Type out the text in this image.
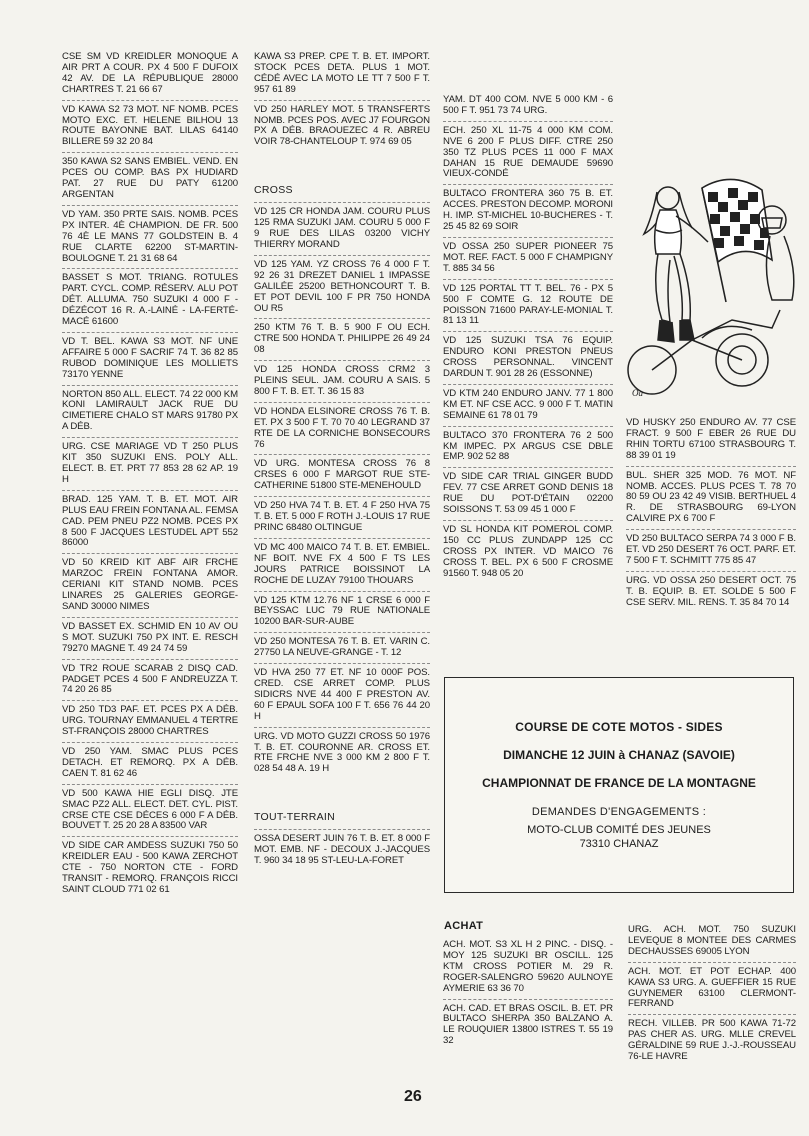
CSE SM VD KREIDLER MONOQUE A AIR PRT A COUR. PX 4 500 F DUFOIX 42 AV. DE LA RÉPUBLIQUE 28000 CHARTRES T. 21 66 67
VD KAWA S2 73 MOT. NF NOMB. PCES MOTO EXC. ET. HELENE BILHOU 13 ROUTE BAYONNE BAT. LILAS 64140 BILLERE 59 32 20 84
350 KAWA S2 SANS EMBIEL. VEND. EN PCES OU COMP. BAS PX HUDIARD PAT. 27 RUE DU PATY 61200 ARGENTAN
VD YAM. 350 PRTE SAIS. NOMB. PCES PX INTER. 4È CHAMPION. DE FR. 500 76 4È LE MANS 77 GOLDSTEIN B. 4 RUE CLARTE 62200 ST-MARTIN-BOULOGNE T. 21 31 68 64
BASSET S MOT. TRIANG. ROTULES PART. CYCL. COMP. RÉSERV. ALU POT DÉT. ALLUMA. 750 SUZUKI 4 000 F - DÉZÉCOT 16 R. A.-LAINÉ - LA-FERTÉ-MACÉ 61600
VD T. BEL. KAWA S3 MOT. NF UNE AFFAIRE 5 000 F SACRIF 74 T. 36 82 85 RUBOD DOMINIQUE LES MOLLIETS 73170 YENNE
NORTON 850 ALL. ELECT. 74 22 000 KM KONI LAMIRAULT JACK RUE DU CIMETIERE CHALO ST MARS 91780 PX A DÉB.
URG. CSE MARIAGE VD T 250 PLUS KIT 350 SUZUKI ENS. POLY ALL. ELECT. B. ET. PRT 77 853 28 62 AP. 19 H
BRAD. 125 YAM. T. B. ET. MOT. AIR PLUS EAU FREIN FONTANA AL. FEMSA CAD. PEM PNEU PZ2 NOMB. PCES PX 8 500 F JACQUES LESTUDEL APT 552 86000
VD 50 KREID KIT ABF AIR FRCHE MARZOC FREIN FONTANA AMOR. CERIANI KIT STAND NOMB. PCES LINARES 25 GALERIES GEORGE-SAND 30000 NIMES
VD BASSET EX. SCHMID EN 10 AV OU S MOT. SUZUKI 750 PX INT. E. RESCH 79270 MAGNE T. 49 24 74 59
VD TR2 ROUE SCARAB 2 DISQ CAD. PADGET PCES 4 500 F ANDREUZZA T. 74 20 26 85
VD 250 TD3 PAF. ET. PCES PX A DÉB. URG. TOURNAY EMMANUEL 4 TERTRE ST-FRANÇOIS 28000 CHARTRES
VD 250 YAM. SMAC PLUS PCES DETACH. ET REMORQ. PX A DÉB. CAEN T. 81 62 46
VD 500 KAWA HIE EGLI DISQ. JTE SMAC PZ2 ALL. ELECT. DET. CYL. PIST. CRSE CTE CSE DÉCES 6 000 F A DÉB. BOUVET T. 25 20 28 A 83500 VAR
VD SIDE CAR AMDESS SUZUKI 750 50 KREIDLER EAU - 500 KAWA ZERCHOT CTE - 750 NORTON CTE - FORD TRANSIT - REMORQ. FRANÇOIS RICCI SAINT CLOUD 771 02 61
KAWA S3 PREP. CPE T. B. ET. IMPORT. STOCK PCES DETA. PLUS 1 MOT. CÉDÉ AVEC LA MOTO LE TT 7 500 F T. 957 61 89
VD 250 HARLEY MOT. 5 TRANSFERTS NOMB. PCES POS. AVEC J7 FOURGON PX A DÉB. BRAOUEZEC 4 R. ABREU VOIR 78-CHANTELOUP T. 974 69 05
CROSS
VD 125 CR HONDA JAM. COURU PLUS 125 RMA SUZUKI JAM. COURU 5 000 F 9 RUE DES LILAS 03200 VICHY THIERRY MORAND
VD 125 YAM. YZ CROSS 76 4 000 F T. 92 26 31 DREZET DANIEL 1 IMPASSE GALILÉE 25200 BETHONCOURT T. B. ET POT DEVIL 100 F PR 750 HONDA OU R5
250 KTM 76 T. B. 5 900 F OU ECH. CTRE 500 HONDA T. PHILIPPE 26 49 24 08
VD 125 HONDA CROSS CRM2 3 PLEINS SEUL. JAM. COURU A SAIS. 5 800 F T. B. ET. T. 36 15 83
VD HONDA ELSINORE CROSS 76 T. B. ET. PX 3 500 F T. 70 70 40 LEGRAND 37 RTE DE LA CORNICHE BONSECOURS 76
VD URG. MONTESA CROSS 76 8 CRSES 6 000 F MARGOT RUE STE-CATHERINE 51800 STE-MENEHOULD
VD 250 HVA 74 T. B. ET. 4 F 250 HVA 75 T. B. ET. 5 000 F ROTH J.-LOUIS 17 RUE PRINC 68480 OLTINGUE
VD MC 400 MAICO 74 T. B. ET. EMBIEL. NF BOIT. NVE FX 4 500 F TS LES JOURS PATRICE BOISSINOT LA ROCHE DE LUZAY 79100 THOUARS
VD 125 KTM 12.76 NF 1 CRSE 6 000 F BEYSSAC LUC 79 RUE NATIONALE 10200 BAR-SUR-AUBE
VD 250 MONTESA 76 T. B. ET. VARIN C. 27750 LA NEUVE-GRANGE - T. 12
VD HVA 250 77 ET. NF 10 000F POS. CRED. CSE ARRET COMP. PLUS SIDICRS NVE 44 400 F PRESTON AV. 60 F EPAUL SOFA 100 F T. 656 76 44 20 H
URG. VD MOTO GUZZI CROSS 50 1976 T. B. ET. COURONNE AR. CROSS ET. RTE FRCHE NVE 3 000 KM 2 800 F T. 028 54 48 A. 19 H
TOUT-TERRAIN
OSSA DESERT JUIN 76 T. B. ET. 8 000 F MOT. EMB. NF - DECOUX J.-JACQUES T. 960 34 18 95 ST-LEU-LA-FORET
YAM. DT 400 COM. NVE 5 000 KM - 6 500 F T. 951 73 74 URG.
ECH. 250 XL 11-75 4 000 KM COM. NVE 6 200 F PLUS DIFF. CTRE 250 350 TZ PLUS PCES 11 000 F MAX DAHAN 15 RUE DEMAUDE 59690 VIEUX-CONDÉ
BULTACO FRONTERA 360 75 B. ET. ACCES. PRESTON DECOMP. MORONI H. IMP. ST-MICHEL 10-BUCHERES - T. 25 45 82 69 SOIR
VD OSSA 250 SUPER PIONEER 75 MOT. REF. FACT. 5 000 F CHAMPIGNY T. 885 34 56
VD 125 PORTAL TT T. BEL. 76 - PX 5 500 F COMTE G. 12 ROUTE DE POISSON 71600 PARAY-LE-MONIAL T. 81 13 11
VD 125 SUZUKI TSA 76 EQUIP. ENDURO KONI PRESTON PNEUS CROSS PERSONNAL. VINCENT DARDUN T. 901 28 26 (ESSONNE)
VD KTM 240 ENDURO JANV. 77 1 800 KM ET. NF CSE ACC. 9 000 F T. MATIN SEMAINE 61 78 01 79
BULTACO 370 FRONTERA 76 2 500 KM IMPEC. PX ARGUS CSE DBLE EMP. 902 52 88
VD SIDE CAR TRIAL GINGER BUDD FEV. 77 CSE ARRET GOND DENIS 18 RUE DU POT-D'ÉTAIN 02200 SOISSONS T. 53 09 45 1 000 F
VD SL HONDA KIT POMEROL COMP. 150 CC PLUS ZUNDAPP 125 CC CROSS PX INTER. VD MAICO 76 CROSS T. BEL. PX 6 500 F CROSME 91560 T. 948 05 20
Oa
VD HUSKY 250 ENDURO AV. 77 CSE FRACT. 9 500 F EBER 26 RUE DU RHIN TORTU 67100 STRASBOURG T. 88 39 01 19
BUL. SHER 325 MOD. 76 MOT. NF NOMB. ACCES. PLUS PCES T. 78 70 80 59 OU 23 42 49 VISIB. BERTHUEL 4 R. DE STRASBOURG 69-LYON CALVIRE PX 6 700 F
VD 250 BULTACO SERPA 74 3 000 F B. ET. VD 250 DESERT 76 OCT. PARF. ET. 7 500 F T. SCHMITT 775 85 47
URG. VD OSSA 250 DESERT OCT. 75 T. B. EQUIP. B. ET. SOLDE 5 500 F CSE SERV. MIL. RENS. T. 35 84 70 14
COURSE DE COTE MOTOS - SIDES
DIMANCHE 12 JUIN à CHANAZ (SAVOIE)
CHAMPIONNAT DE FRANCE DE LA MONTAGNE
DEMANDES D'ENGAGEMENTS :
MOTO-CLUB COMITÉ DES JEUNES
73310 CHANAZ
ACHAT
ACH. MOT. S3 XL H 2 PINC. - DISQ. - MOY 125 SUZUKI BR OSCILL. 125 KTM CROSS POTIER M. 29 R. ROGER-SALENGRO 59620 AULNOYE AYMERIE 63 36 70
ACH. CAD. ET BRAS OSCIL. B. ET. PR BULTACO SHERPA 350 BALZANO A. LE ROUQUIER 13800 ISTRES T. 55 19 32
URG. ACH. MOT. 750 SUZUKI LEVEQUE 8 MONTEE DES CARMES DECHAUSSES 69005 LYON
ACH. MOT. ET POT ECHAP. 400 KAWA S3 URG. A. GUEFFIER 15 RUE GUYNEMER 63100 CLERMONT-FERRAND
RECH. VILLEB. PR 500 KAWA 71-72 PAS CHER AS. URG. MLLE CREVEL GÉRALDINE 59 RUE J.-J.-ROUSSEAU 76-LE HAVRE
26
